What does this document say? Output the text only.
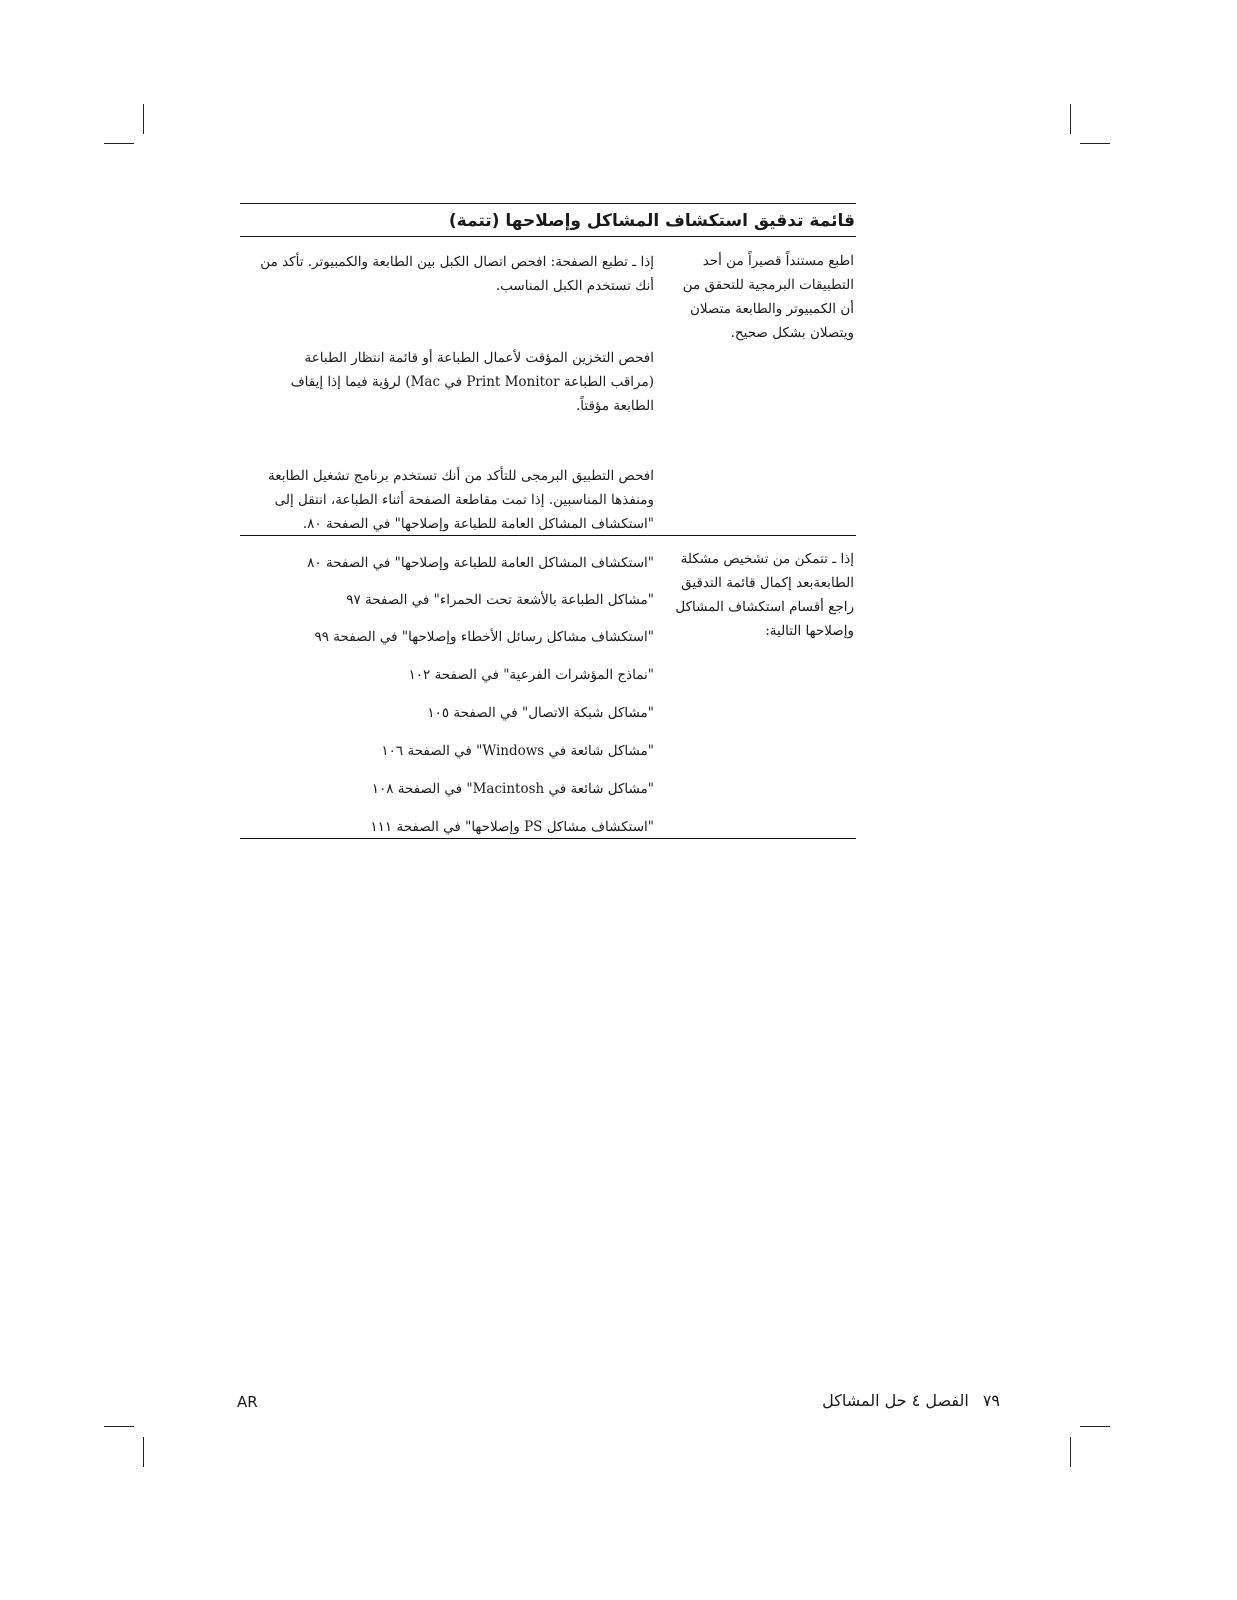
قائمة تدقيق استكشاف المشاكل وإصلاحها (تتمة)
اطبع مستنداً قصيراً من أحد التطبيقات البرمجية للتحقق من أن الكمبيوتر والطابعة متصلان ويتصلان بشكل صحيح.
إذا ـ تطبع الصفحة: افحص اتصال الكبل بين الطابعة والكمبيوتر. تأكد من أنك تستخدم الكبل المناسب.
افحص التخزين المؤقت لأعمال الطباعة أو قائمة انتظار الطباعة (مراقب الطباعة Print Monitor في Mac) لرؤية فيما إذا إيقاف الطابعة مؤقتاً.
افحص التطبيق البرمجى للتأكد من أنك تستخدم برنامج تشغيل الطابعة ومنفذها المناسبين. إذا تمت مقاطعة الصفحة أثناء الطباعة، انتقل إلى "استكشاف المشاكل العامة للطباعة وإصلاحها" في الصفحة ٨٠.
إذا ـ تتمكن من تشخيص مشكلة الطابعةبعد إكمال قائمة التدقيق راجع أقسام استكشاف المشاكل وإصلاحها التالية:
"استكشاف المشاكل العامة للطباعة وإصلاحها" في الصفحة ٨٠
"مشاكل الطباعة بالأشعة تحت الحمراء" في الصفحة ٩٧
"استكشاف مشاكل رسائل الأخطاء وإصلاحها" في الصفحة ٩٩
"نماذج المؤشرات الفرعية" في الصفحة ١٠٢
"مشاكل شبكة الاتصال" في الصفحة ١٠٥
"مشاكل شائعة في Windows" في الصفحة ١٠٦
"مشاكل شائعة في Macintosh" في الصفحة ١٠٨
"استكشاف مشاكل PS وإصلاحها" في الصفحة ١١١
AR	٧٩الفصل ٤ حل المشاكل
